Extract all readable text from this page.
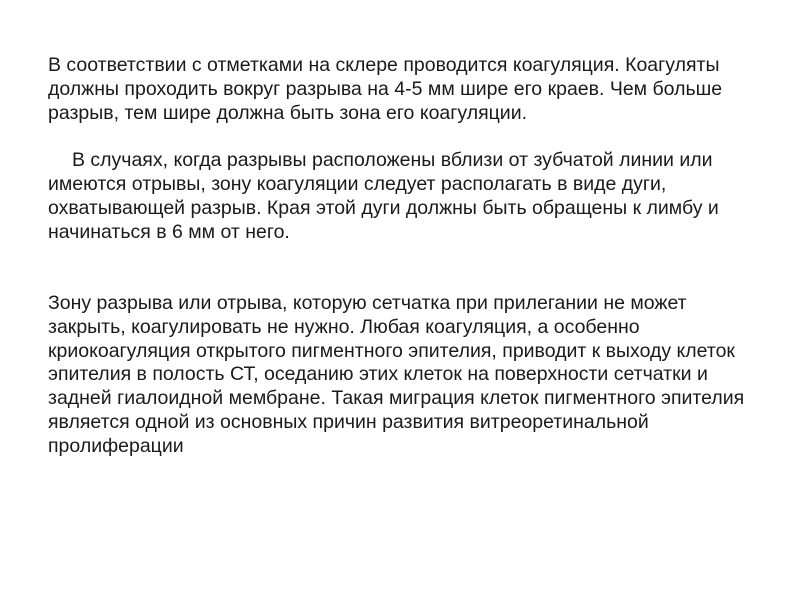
В соответствии с отметками на склере проводится коагуляция. Коагуляты должны проходить вокруг разрыва на 4-5 мм шире его краев. Чем больше разрыв, тем шире должна быть зона его коагуляции.

В случаях, когда разрывы расположены вблизи от зубчатой линии или имеются отрывы, зону коагуляции следует располагать в виде дуги, охватывающей разрыв. Края этой дуги должны быть обращены к лимбу и начинаться в 6 мм от него.

Зону разрыва или отрыва, которую сетчатка при прилегании не может закрыть, коагулировать не нужно. Любая коагуляция, а особенно криокоагуляция открытого пигментного эпителия, приводит к выходу клеток эпителия в полость СТ, оседанию этих клеток на поверхности сетчатки и задней гиалоидной мембране. Такая миграция клеток пигментного эпителия является одной из основных причин развития витреоретинальной пролиферации
